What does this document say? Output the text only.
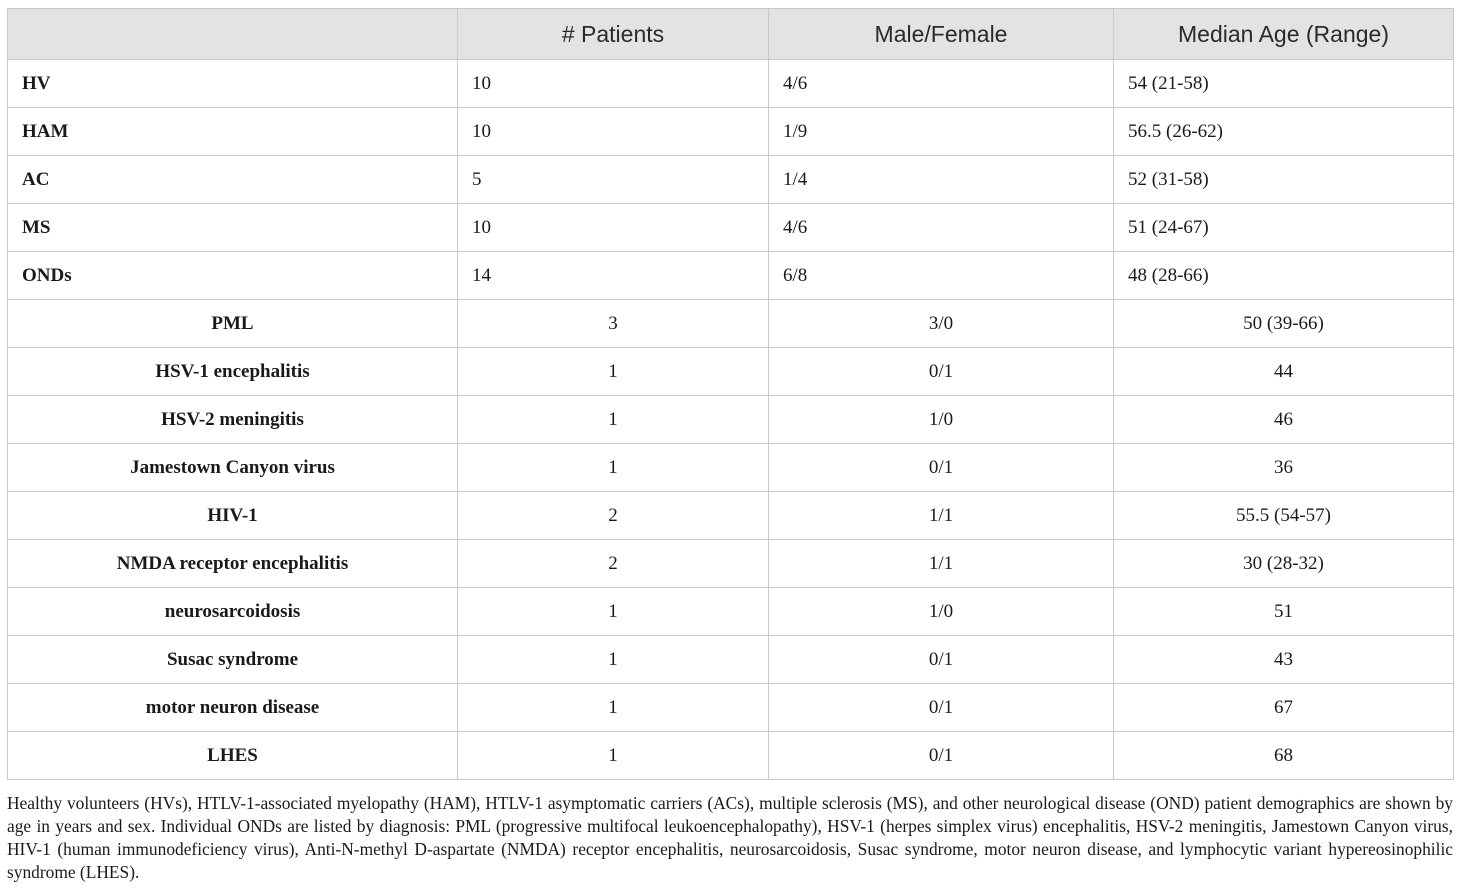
	# Patients	Male/Female	Median Age (Range)
HV	10	4/6	54 (21-58)
HAM	10	1/9	56.5 (26-62)
AC	5	1/4	52 (31-58)
MS	10	4/6	51 (24-67)
ONDs	14	6/8	48 (28-66)
PML	3	3/0	50 (39-66)
HSV-1 encephalitis	1	0/1	44
HSV-2 meningitis	1	1/0	46
Jamestown Canyon virus	1	0/1	36
HIV-1	2	1/1	55.5 (54-57)
NMDA receptor encephalitis	2	1/1	30 (28-32)
neurosarcoidosis	1	1/0	51
Susac syndrome	1	0/1	43
motor neuron disease	1	0/1	67
LHES	1	0/1	68

Healthy volunteers (HVs), HTLV-1-associated myelopathy (HAM), HTLV-1 asymptomatic carriers (ACs), multiple sclerosis (MS), and other neurological disease (OND) patient demographics are shown by age in years and sex. Individual ONDs are listed by diagnosis: PML (progressive multifocal leukoencephalopathy), HSV-1 (herpes simplex virus) encephalitis, HSV-2 meningitis, Jamestown Canyon virus, HIV-1 (human immunodeficiency virus), Anti-N-methyl D-aspartate (NMDA) receptor encephalitis, neurosarcoidosis, Susac syndrome, motor neuron disease, and lymphocytic variant hypereosinophilic syndrome (LHES).
